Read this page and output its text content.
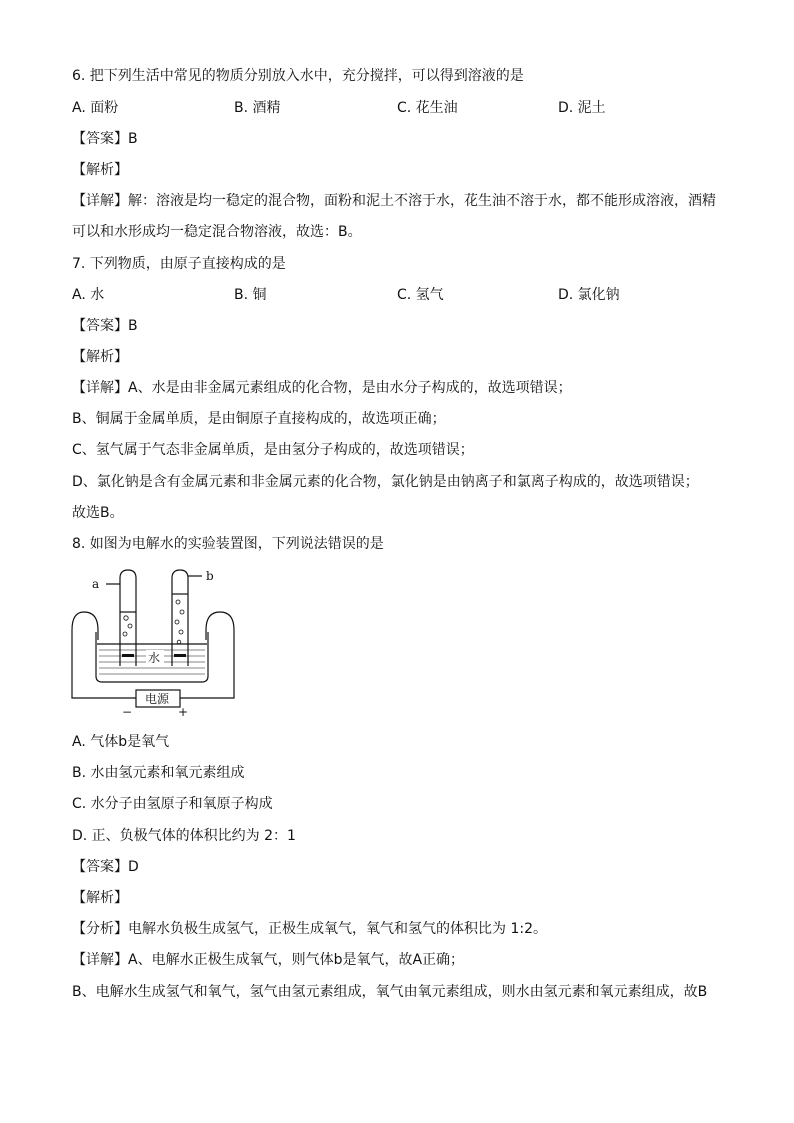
6. 把下列生活中常见的物质分别放入水中，充分搅拌，可以得到溶液的是
A. 面粉	B. 酒精	C. 花生油	D. 泥土
【答案】B
【解析】
【详解】解：溶液是均一稳定的混合物，面粉和泥土不溶于水，花生油不溶于水，都不能形成溶液，酒精
可以和水形成均一稳定混合物溶液，故选：B。
7. 下列物质，由原子直接构成的是
A. 水	B. 铜	C. 氢气	D. 氯化钠
【答案】B
【解析】
【详解】A、水是由非金属元素组成的化合物，是由水分子构成的，故选项错误；
B、铜属于金属单质，是由铜原子直接构成的，故选项正确；
C、氢气属于气态非金属单质，是由氢分子构成的，故选项错误；
D、氯化钠是含有金属元素和非金属元素的化合物，氯化钠是由钠离子和氯离子构成的，故选项错误；
故选B。
8. 如图为电解水的实验装置图，下列说法错误的是
a
b
水
电源
−	+
A. 气体b是氧气
B. 水由氢元素和氧元素组成
C. 水分子由氢原子和氧原子构成
D. 正、负极气体的体积比约为 2：1
【答案】D
【解析】
【分析】电解水负极生成氢气，正极生成氧气，氧气和氢气的体积比为 1:2。
【详解】A、电解水正极生成氧气，则气体b是氧气，故A正确；
B、电解水生成氢气和氧气，氢气由氢元素组成，氧气由氧元素组成，则水由氢元素和氧元素组成，故B
